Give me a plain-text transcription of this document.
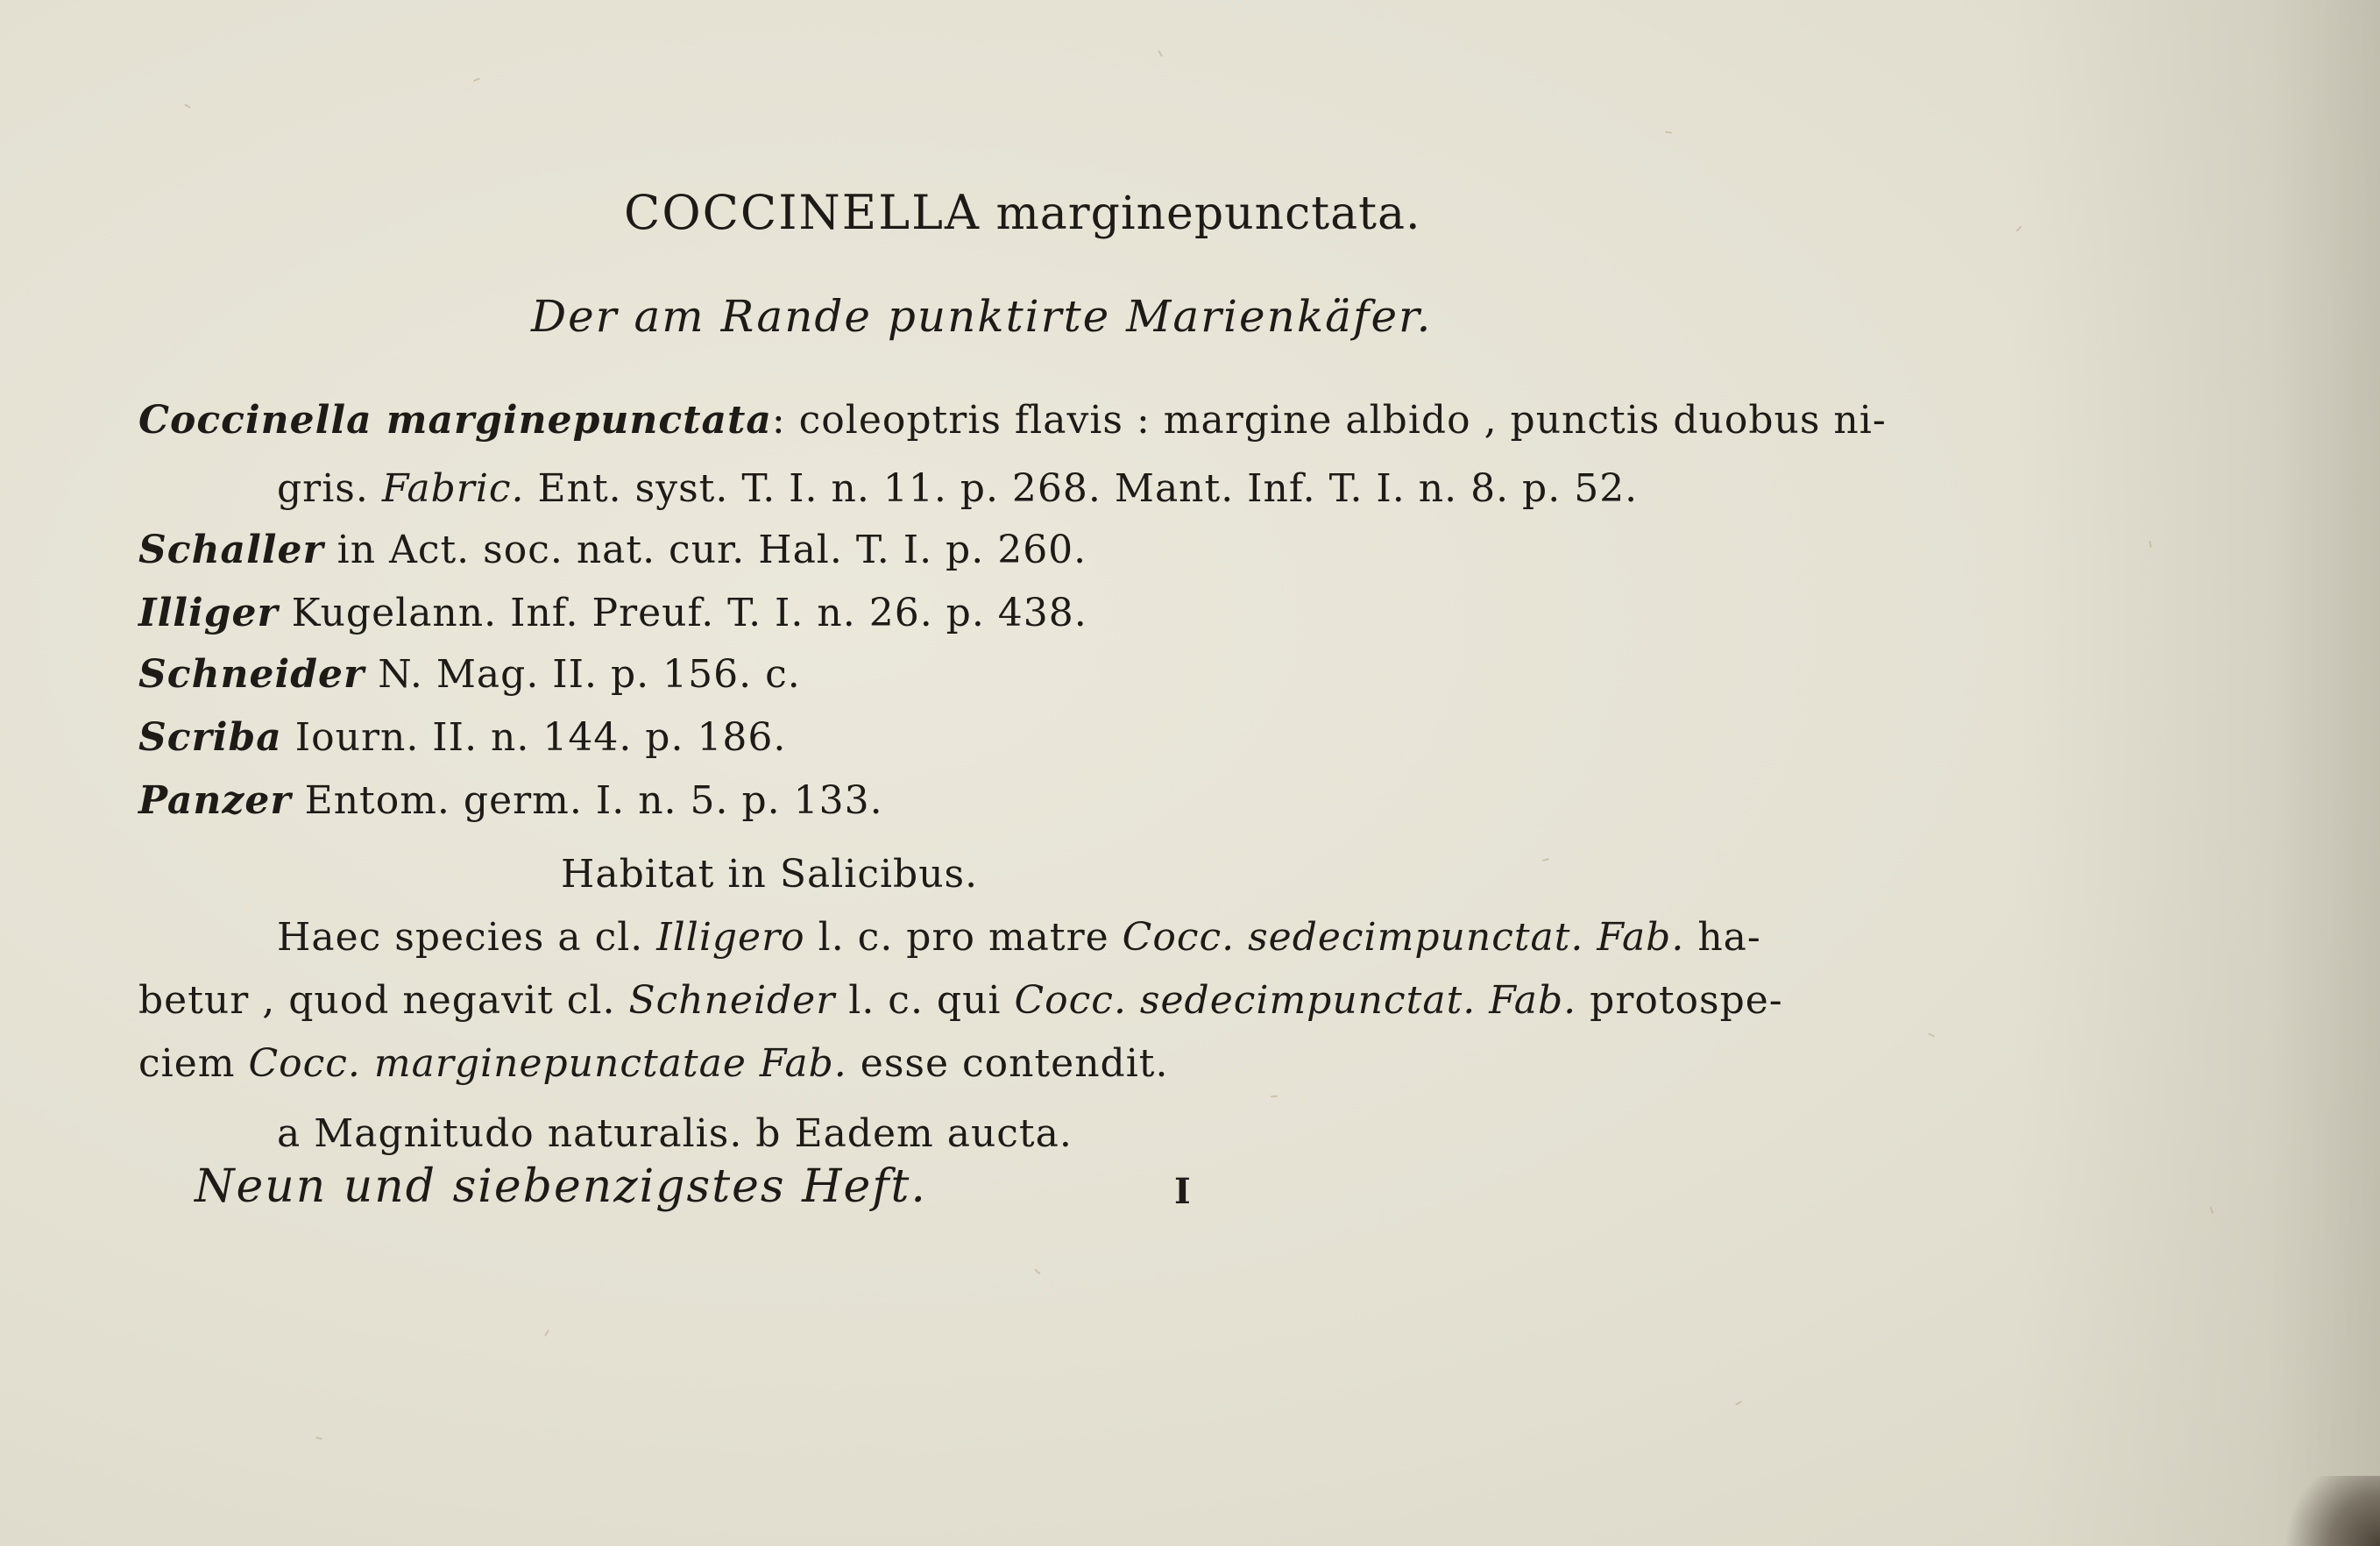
COCCINELLA marginepunctata.
Der am Rande punktirte Marienkäfer.
Coccinella marginepunctata: coleoptris flavis : margine albido , punctis duobus ni-
gris. Fabric. Ent. syst. T. I. n. 11. p. 268. Mant. Inf. T. I. n. 8. p. 52.
Schaller in Act. soc. nat. cur. Hal. T. I. p. 260.
Illiger Kugelann. Inf. Preuf. T. I. n. 26. p. 438.
Schneider N. Mag. II. p. 156. c.
Scriba Iourn. II. n. 144. p. 186.
Panzer Entom. germ. I. n. 5. p. 133.
Habitat in Salicibus.
Haec species a cl. Illigero l. c. pro matre Cocc. sedecimpunctat. Fab. ha-
betur , quod negavit cl. Schneider l. c. qui Cocc. sedecimpunctat. Fab. protospe-
ciem Cocc. marginepunctatae Fab. esse contendit.
a Magnitudo naturalis. b Eadem aucta.
Neun und siebenzigstes Heft.	I
